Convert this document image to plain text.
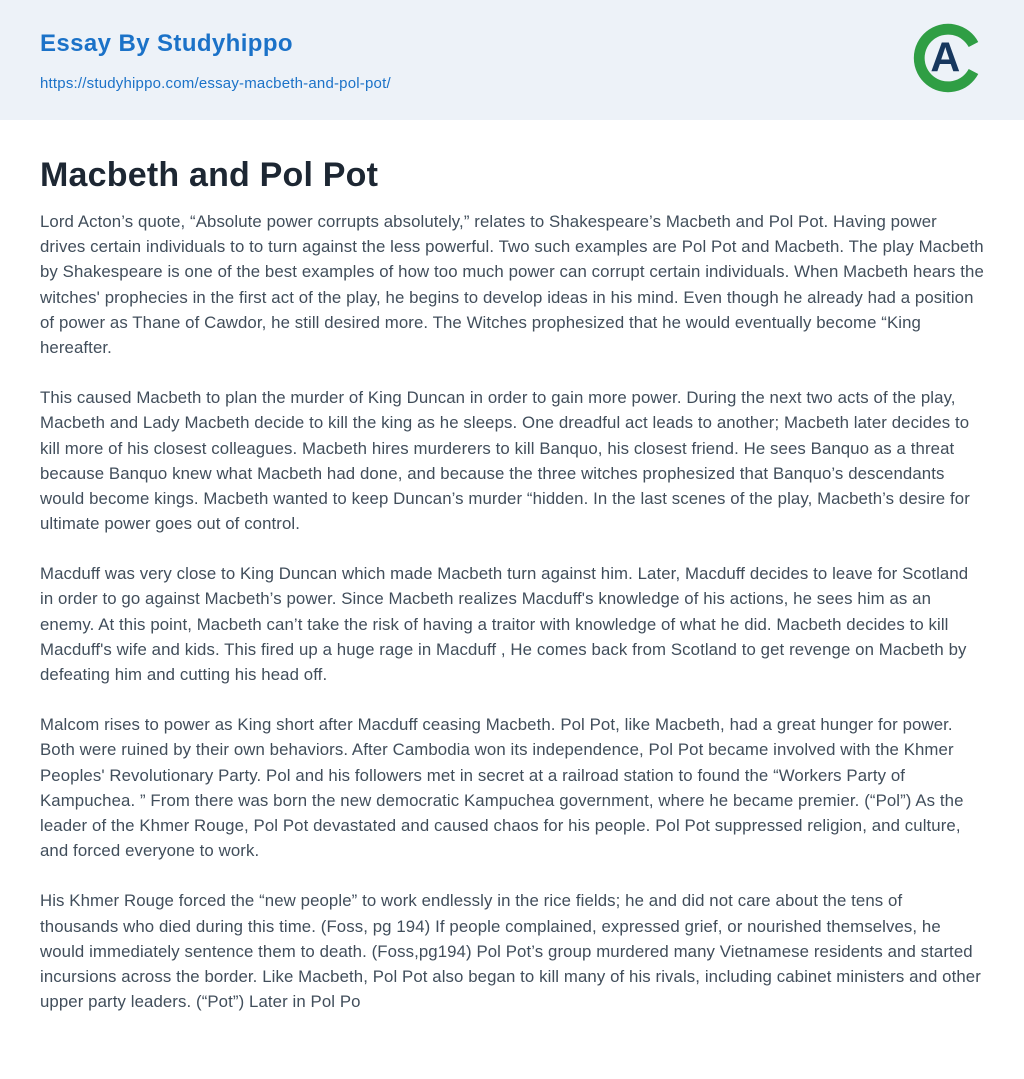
Essay By Studyhippo
https://studyhippo.com/essay-macbeth-and-pol-pot/
A
Macbeth and Pol Pot

Lord Acton’s quote, “Absolute power corrupts absolutely,” relates to Shakespeare’s Macbeth and Pol Pot. Having power drives certain individuals to to turn against the less powerful. Two such examples are Pol Pot and Macbeth. The play Macbeth by Shakespeare is one of the best examples of how too much power can corrupt certain individuals. When Macbeth hears the witches' prophecies in the first act of the play, he begins to develop ideas in his mind. Even though he already had a position of power as Thane of Cawdor, he still desired more. The Witches prophesized that he would eventually become “King hereafter.

This caused Macbeth to plan the murder of King Duncan in order to gain more power. During the next two acts of the play, Macbeth and Lady Macbeth decide to kill the king as he sleeps. One dreadful act leads to another; Macbeth later decides to kill more of his closest colleagues. Macbeth hires murderers to kill Banquo, his closest friend. He sees Banquo as a threat because Banquo knew what Macbeth had done, and because the three witches prophesized that Banquo’s descendants would become kings. Macbeth wanted to keep Duncan’s murder “hidden. In the last scenes of the play, Macbeth’s desire for ultimate power goes out of control.

Macduff was very close to King Duncan which made Macbeth turn against him. Later, Macduff decides to leave for Scotland in order to go against Macbeth’s power. Since Macbeth realizes Macduff's knowledge of his actions, he sees him as an enemy. At this point, Macbeth can’t take the risk of having a traitor with knowledge of what he did. Macbeth decides to kill Macduff's wife and kids. This fired up a huge rage in Macduff , He comes back from Scotland to get revenge on Macbeth by defeating him and cutting his head off.

Malcom rises to power as King short after Macduff ceasing Macbeth. Pol Pot, like Macbeth, had a great hunger for power. Both were ruined by their own behaviors. After Cambodia won its independence, Pol Pot became involved with the Khmer Peoples' Revolutionary Party. Pol and his followers met in secret at a railroad station to found the “Workers Party of Kampuchea. ” From there was born the new democratic Kampuchea government, where he became premier. (“Pol”) As the leader of the Khmer Rouge, Pol Pot devastated and caused chaos for his people. Pol Pot suppressed religion, and culture, and forced everyone to work.

His Khmer Rouge forced the “new people” to work endlessly in the rice fields; he and did not care about the tens of thousands who died during this time. (Foss, pg 194) If people complained, expressed grief, or nourished themselves, he would immediately sentence them to death. (Foss,pg194) Pol Pot’s group murdered many Vietnamese residents and started incursions across the border. Like Macbeth, Pol Pot also began to kill many of his rivals, including cabinet ministers and other upper party leaders. (“Pot”) Later in Pol Po
